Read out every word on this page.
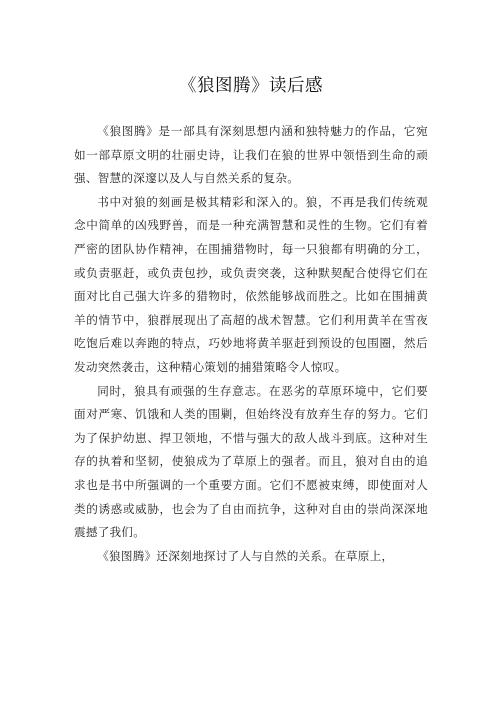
《狼图腾》读后感

《狼图腾》是一部具有深刻思想内涵和独特魅力的作品，它宛如一部草原文明的壮丽史诗，让我们在狼的世界中领悟到生命的顽强、智慧的深邃以及人与自然关系的复杂。

书中对狼的刻画是极其精彩和深入的。狼，不再是我们传统观念中简单的凶残野兽，而是一种充满智慧和灵性的生物。它们有着严密的团队协作精神，在围捕猎物时，每一只狼都有明确的分工，或负责驱赶，或负责包抄，或负责突袭，这种默契配合使得它们在面对比自己强大许多的猎物时，依然能够战而胜之。比如在围捕黄羊的情节中，狼群展现出了高超的战术智慧。它们利用黄羊在雪夜吃饱后难以奔跑的特点，巧妙地将黄羊驱赶到预设的包围圈，然后发动突然袭击，这种精心策划的捕猎策略令人惊叹。

同时，狼具有顽强的生存意志。在恶劣的草原环境中，它们要面对严寒、饥饿和人类的围剿，但始终没有放弃生存的努力。它们为了保护幼崽、捍卫领地，不惜与强大的敌人战斗到底。这种对生存的执着和坚韧，使狼成为了草原上的强者。而且，狼对自由的追求也是书中所强调的一个重要方面。它们不愿被束缚，即使面对人类的诱惑或威胁，也会为了自由而抗争，这种对自由的崇尚深深地震撼了我们。

《狼图腾》还深刻地探讨了人与自然的关系。在草原上，
